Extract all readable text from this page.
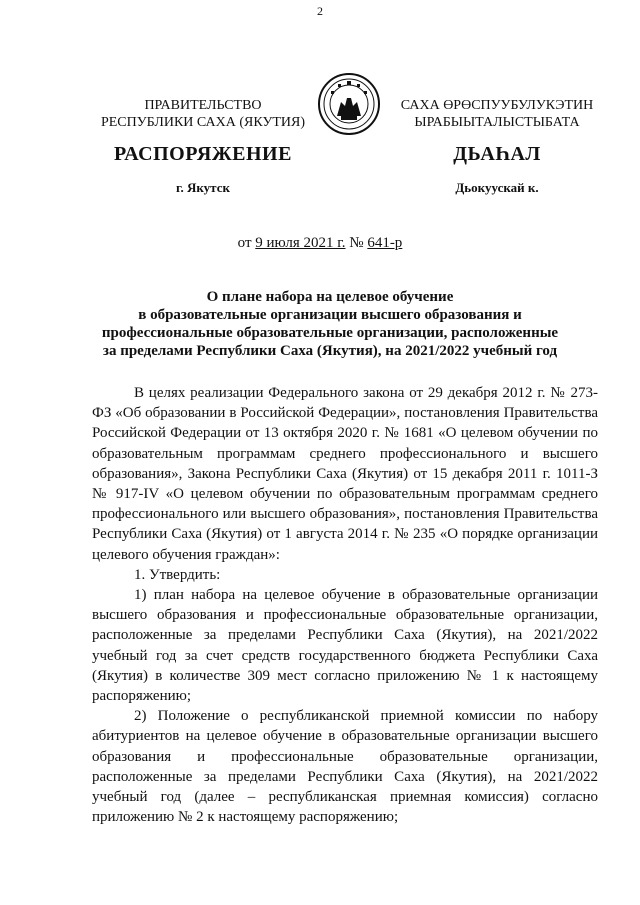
2
ПРАВИТЕЛЬСТВО
РЕСПУБЛИКИ САХА (ЯКУТИЯ)
САХА ӨРӨСПУУБУЛУКЭТИН
ЫРАБЫЫТАЛЫСТЫБАТА
РАСПОРЯЖЕНИЕ	ДЬАҺАЛ
г. Якутск	Дьокуускай к.
от 9 июля 2021 г. № 641-р
О плане набора на целевое обучение
в образовательные организации высшего образования и
профессиональные образовательные организации, расположенные
за пределами Республики Саха (Якутия), на 2021/2022 учебный год

В целях реализации Федерального закона от 29 декабря 2012 г. № 273-ФЗ «Об образовании в Российской Федерации», постановления Правительства Российской Федерации от 13 октября 2020 г. № 1681 «О целевом обучении по образовательным программам среднего профессионального и высшего образования», Закона Республики Саха (Якутия) от 15 декабря 2011 г. 1011-З № 917-IV «О целевом обучении по образовательным программам среднего профессионального или высшего образования», постановления Правительства Республики Саха (Якутия) от 1 августа 2014 г. № 235 «О порядке организации целевого обучения граждан»:

1. Утвердить:

1) план набора на целевое обучение в образовательные организации высшего образования и профессиональные образовательные организации, расположенные за пределами Республики Саха (Якутия), на 2021/2022 учебный год за счет средств государственного бюджета Республики Саха (Якутия) в количестве 309 мест согласно приложению № 1 к настоящему распоряжению;

2) Положение о республиканской приемной комиссии по набору абитуриентов на целевое обучение в образовательные организации высшего образования и профессиональные образовательные организации, расположенные за пределами Республики Саха (Якутия), на 2021/2022 учебный год (далее – республиканская приемная комиссия) согласно приложению № 2 к настоящему распоряжению;
